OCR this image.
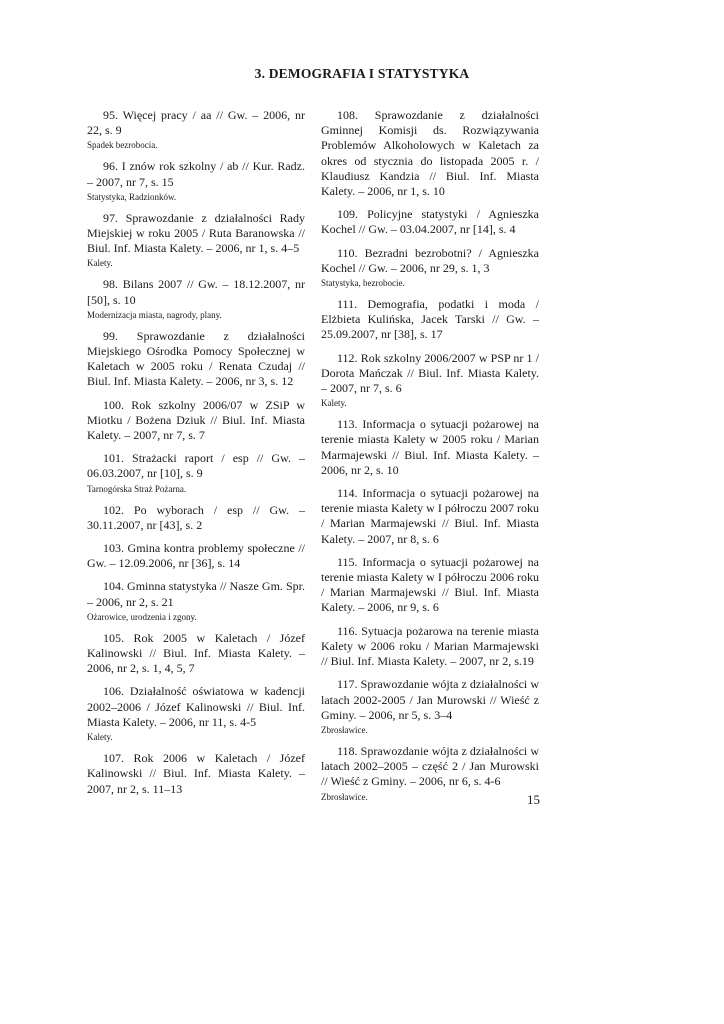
3. DEMOGRAFIA I STATYSTYKA

95. Więcej pracy / aa // Gw. – 2006, nr 22, s. 9

Spadek bezrobocia.

96. I znów rok szkolny / ab // Kur. Radz. – 2007, nr 7, s. 15

Statystyka, Radzionków.

97. Sprawozdanie z działalności Rady Miejskiej w roku 2005 / Ruta Baranowska // Biul. Inf. Miasta Kalety. – 2006, nr 1, s. 4–5

Kalety.

98. Bilans 2007 // Gw. – 18.12.2007, nr [50], s. 10

Modernizacja miasta, nagrody, plany.

99. Sprawozdanie z działalności Miejskiego Ośrodka Pomocy Społecznej w Kaletach w 2005 roku / Renata Czudaj // Biul. Inf. Miasta Kalety. – 2006, nr 3, s. 12

100. Rok szkolny 2006/07 w ZSiP w Miotku / Bożena Dziuk // Biul. Inf. Miasta Kalety. – 2007, nr 7, s. 7

101. Strażacki raport / esp // Gw. – 06.03.2007, nr [10], s. 9

Tarnogórska Straż Pożarna.

102. Po wyborach / esp // Gw. – 30.11.2007, nr [43], s. 2

103. Gmina kontra problemy społeczne // Gw. – 12.09.2006, nr [36], s. 14

104. Gminna statystyka // Nasze Gm. Spr. – 2006, nr 2, s. 21

Ożarowice, urodzenia i zgony.

105. Rok 2005 w Kaletach / Józef Kalinowski // Biul. Inf. Miasta Kalety. – 2006, nr 2, s. 1, 4, 5, 7

106. Działalność oświatowa w kadencji 2002–2006 / Józef Kalinowski // Biul. Inf. Miasta Kalety. – 2006, nr 11, s. 4-5

Kalety.

107. Rok 2006 w Kaletach / Józef Kalinowski // Biul. Inf. Miasta Kalety. – 2007, nr 2, s. 11–13

108. Sprawozdanie z działalności Gminnej Komisji ds. Rozwiązywania Problemów Alkoholowych w Kaletach za okres od stycznia do listopada 2005 r. / Klaudiusz Kandzia // Biul. Inf. Miasta Kalety. – 2006, nr 1, s. 10

109. Policyjne statystyki / Agnieszka Kochel // Gw. – 03.04.2007, nr [14], s. 4

110. Bezradni bezrobotni? / Agnieszka Kochel // Gw. – 2006, nr 29, s. 1, 3

Statystyka, bezrobocie.

111. Demografia, podatki i moda / Elżbieta Kulińska, Jacek Tarski // Gw. – 25.09.2007, nr [38], s. 17

112. Rok szkolny 2006/2007 w PSP nr 1 / Dorota Mańczak // Biul. Inf. Miasta Kalety. – 2007, nr 7, s. 6

Kalety.

113. Informacja o sytuacji pożarowej na terenie miasta Kalety w 2005 roku / Marian Marmajewski // Biul. Inf. Miasta Kalety. – 2006, nr 2, s. 10

114. Informacja o sytuacji pożarowej na terenie miasta Kalety w I półroczu 2007 roku / Marian Marmajewski // Biul. Inf. Miasta Kalety. – 2007, nr 8, s. 6

115. Informacja o sytuacji pożarowej na terenie miasta Kalety w I półroczu 2006 roku / Marian Marmajewski // Biul. Inf. Miasta Kalety. – 2006, nr 9, s. 6

116. Sytuacja pożarowa na terenie miasta Kalety w 2006 roku / Marian Marmajewski // Biul. Inf. Miasta Kalety. – 2007, nr 2, s.19

117. Sprawozdanie wójta z działalności w latach 2002-2005 / Jan Murowski // Wieść z Gminy. – 2006, nr 5, s. 3–4

Zbrosławice.

118. Sprawozdanie wójta z działalności w latach 2002–2005 – część 2 / Jan Murowski // Wieść z Gminy. – 2006, nr 6, s. 4-6

Zbrosławice.	15
